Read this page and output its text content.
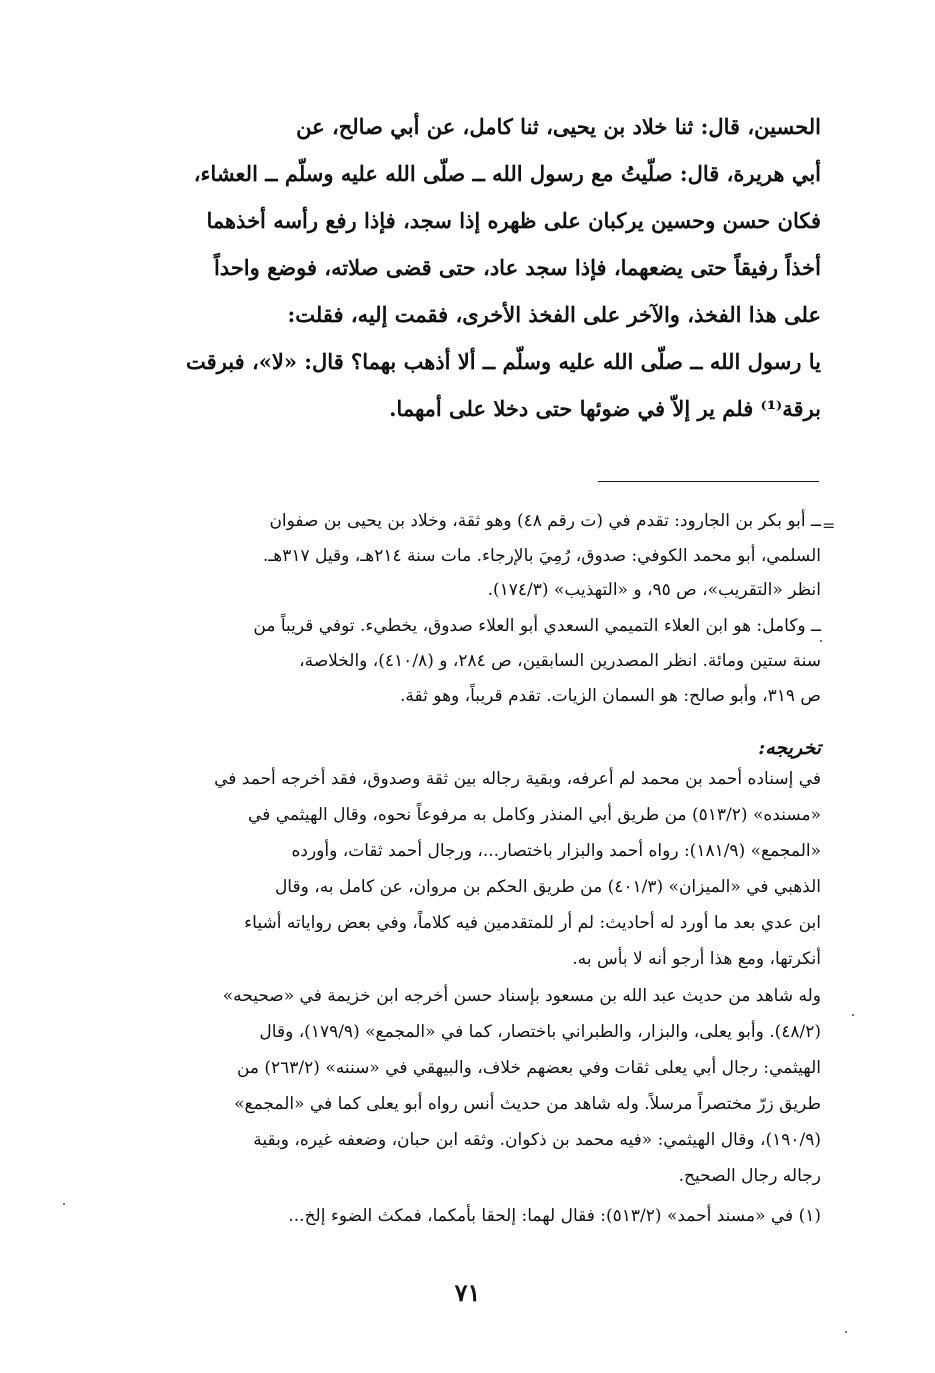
الحسين، قال: ثنا خلاد بن يحيى، ثنا كامل، عن أبي صالح، عن
أبي هريرة، قال: صلّيتُ مع رسول الله ــ صلّى الله عليه وسلّم ــ العشاء،
فكان حسن وحسين يركبان على ظهره إذا سجد، فإذا رفع رأسه أخذهما
أخذاً رفيقاً حتى يضعهما، فإذا سجد عاد، حتى قضى صلاته، فوضع واحداً
على هذا الفخذ، والآخر على الفخذ الأخرى، فقمت إليه، فقلت:
يا رسول الله ــ صلّى الله عليه وسلّم ــ ألا أذهب بهما؟ قال: «لا»، فبرقت
برقة⁽¹⁾ فلم ير إلاّ في ضوئها حتى دخلا على أمهما.
=
ــ أبو بكر بن الجارود: تقدم في (ت رقم ٤٨) وهو ثقة، وخلاد بن يحيى بن صفوان
السلمي، أبو محمد الكوفي: صدوق، رُمِيَ بالإرجاء. مات سنة ٢١٤هـ، وقيل ٣١٧هـ.
انظر «التقريب»، ص ٩٥، و «التهذيب» (١٧٤/٣).
ــ وكامل: هو ابن العلاء التميمي السعدي أبو العلاء صدوق، يخطيء. توفي قريباً من
سنة ستين ومائة. انظر المصدرين السابقين، ص ٢٨٤، و (٤١٠/٨)، والخلاصة،
ص ٣١٩، وأبو صالح: هو السمان الزيات. تقدم قريباً، وهو ثقة.
تخريجه:
في إسناده أحمد بن محمد لم أعرفه، وبقية رجاله بين ثقة وصدوق، فقد أخرجه أحمد في
«مسنده» (٥١٣/٢) من طريق أبي المنذر وكامل به مرفوعاً نحوه، وقال الهيثمي في
«المجمع» (١٨١/٩): رواه أحمد والبزار باختصار...، ورجال أحمد ثقات، وأورده
الذهبي في «الميزان» (٤٠١/٣) من طريق الحكم بن مروان، عن كامل به، وقال
ابن عدي بعد ما أورد له أحاديث: لم أر للمتقدمين فيه كلاماً، وفي بعض رواياته أشياء
أنكرتها، ومع هذا أرجو أنه لا بأس به.
وله شاهد من حديث عبد الله بن مسعود بإسناد حسن أخرجه ابن خزيمة في «صحيحه»
(٤٨/٢). وأبو يعلى، والبزار، والطبراني باختصار، كما في «المجمع» (١٧٩/٩)، وقال
الهيثمي: رجال أبي يعلى ثقات وفي بعضهم خلاف، والبيهقي في «سننه» (٢٦٣/٢) من
طريق زرّ مختصراً مرسلاً. وله شاهد من حديث أنس رواه أبو يعلى كما في «المجمع»
(١٩٠/٩)، وقال الهيثمي: «فيه محمد بن ذكوان. وثقه ابن حبان، وضعفه غيره، وبقية
رجاله رجال الصحيح.
(١) في «مسند أحمد» (٥١٣/٢): فقال لهما: إلحقا بأمكما، فمكث الضوء إلخ...
٧١
